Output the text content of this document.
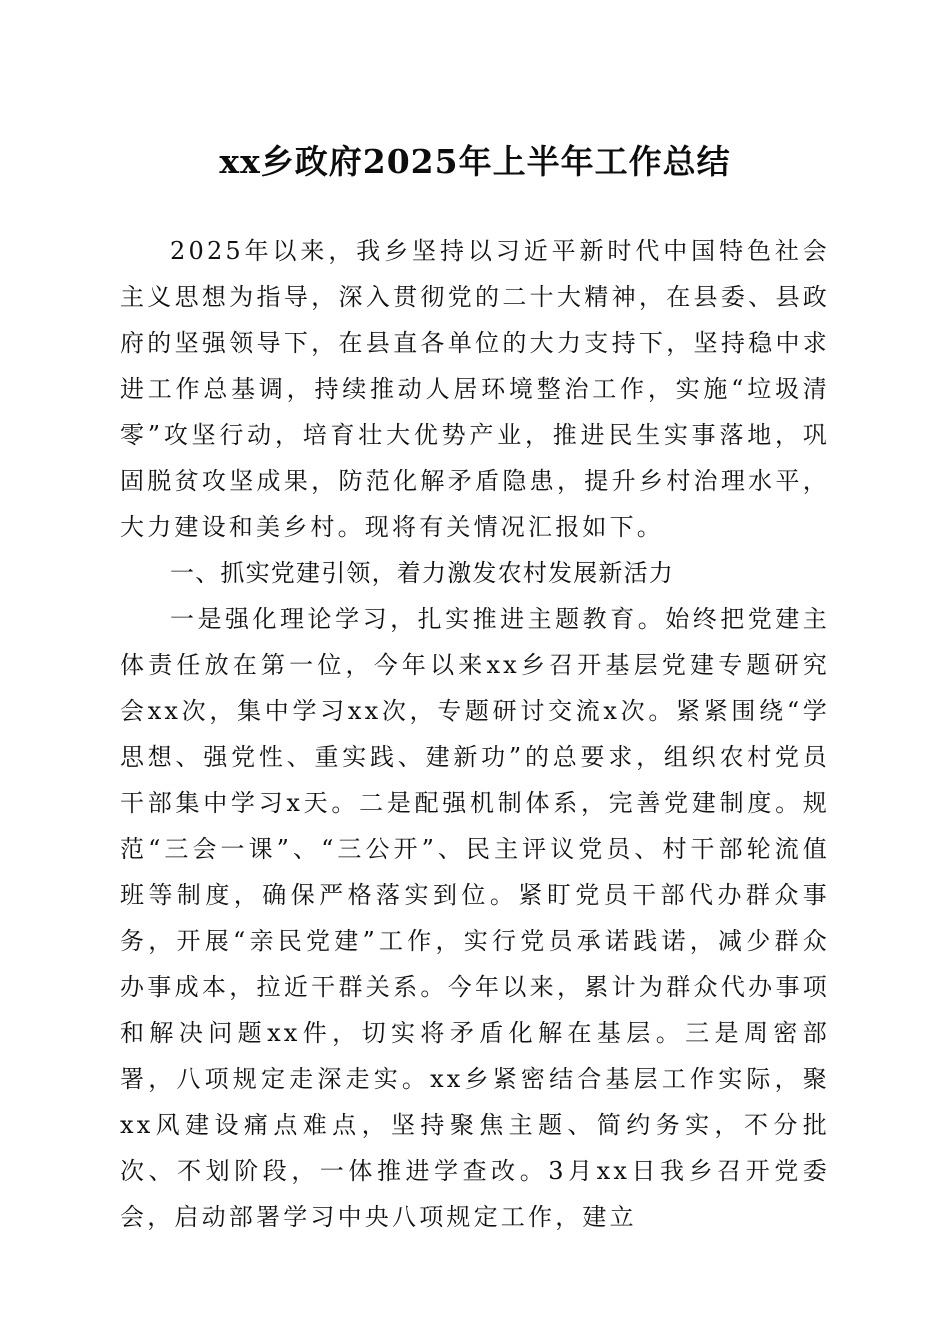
xx乡政府2025年上半年工作总结

2025年以来，我乡坚持以习近平新时代中国特色社会主义思想为指导，深入贯彻党的二十大精神，在县委、县政府的坚强领导下，在县直各单位的大力支持下，坚持稳中求进工作总基调，持续推动人居环境整治工作，实施“垃圾清零”攻坚行动，培育壮大优势产业，推进民生实事落地，巩固脱贫攻坚成果，防范化解矛盾隐患，提升乡村治理水平，大力建设和美乡村。现将有关情况汇报如下。

一、抓实党建引领，着力激发农村发展新活力

一是强化理论学习，扎实推进主题教育。始终把党建主体责任放在第一位，今年以来xx乡召开基层党建专题研究会xx次，集中学习xx次，专题研讨交流x次。紧紧围绕“学思想、强党性、重实践、建新功”的总要求，组织农村党员干部集中学习x天。二是配强机制体系，完善党建制度。规范“三会一课”、“三公开”、民主评议党员、村干部轮流值班等制度，确保严格落实到位。紧盯党员干部代办群众事务，开展“亲民党建”工作，实行党员承诺践诺，减少群众办事成本，拉近干群关系。今年以来，累计为群众代办事项和解决问题xx件，切实将矛盾化解在基层。三是周密部署，八项规定走深走实。xx乡紧密结合基层工作实际，聚xx风建设痛点难点，坚持聚焦主题、简约务实，不分批次、不划阶段，一体推进学查改。3月xx日我乡召开党委会，启动部署学习中央八项规定工作，建立
